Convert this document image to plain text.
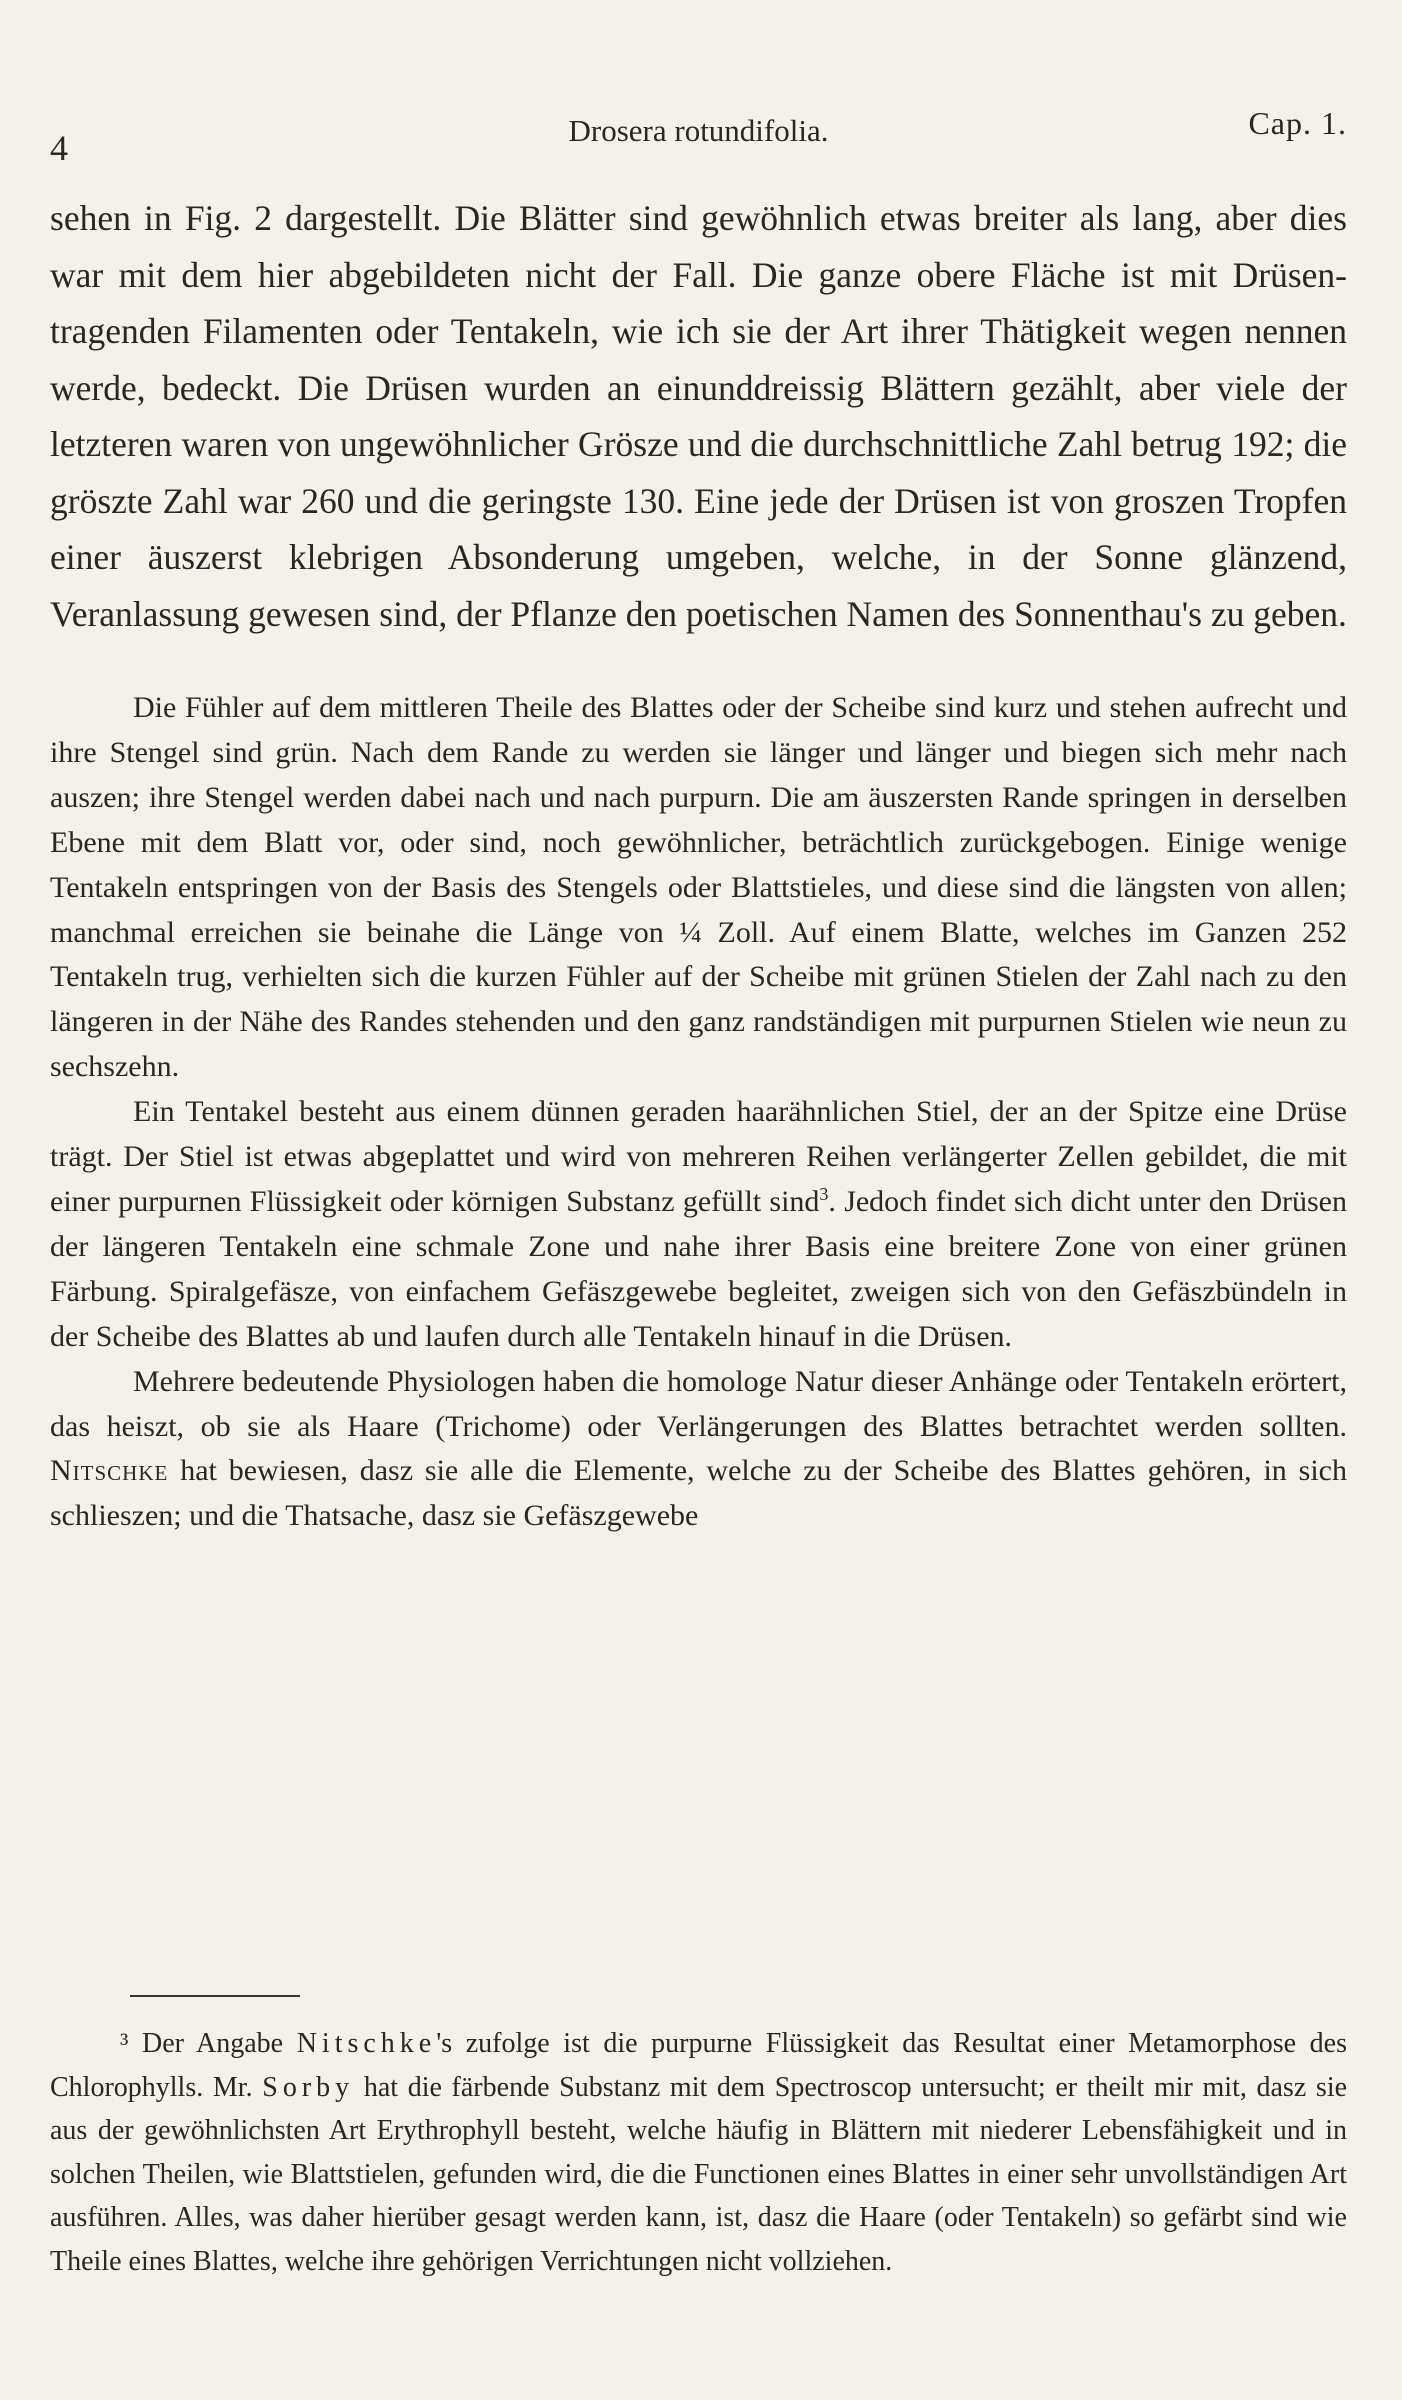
4	Drosera rotundifolia.	Cap. 1.

sehen in Fig. 2 dargestellt. Die Blätter sind gewöhnlich etwas breiter als lang, aber dies war mit dem hier abgebildeten nicht der Fall. Die ganze obere Fläche ist mit Drüsen-tragenden Filamenten oder Tentakeln, wie ich sie der Art ihrer Thätigkeit wegen nennen werde, bedeckt. Die Drüsen wurden an einunddreissig Blättern gezählt, aber viele der letzteren waren von ungewöhnlicher Grösze und die durchschnittliche Zahl betrug 192; die gröszte Zahl war 260 und die geringste 130. Eine jede der Drüsen ist von groszen Tropfen einer äuszerst klebrigen Absonderung umgeben, welche, in der Sonne glänzend, Veranlassung gewesen sind, der Pflanze den poetischen Namen des Sonnenthau's zu geben.

Die Fühler auf dem mittleren Theile des Blattes oder der Scheibe sind kurz und stehen aufrecht und ihre Stengel sind grün. Nach dem Rande zu werden sie länger und länger und biegen sich mehr nach auszen; ihre Stengel werden dabei nach und nach purpurn. Die am äuszersten Rande springen in derselben Ebene mit dem Blatt vor, oder sind, noch gewöhnlicher, beträchtlich zurückgebogen. Einige wenige Tentakeln entspringen von der Basis des Stengels oder Blattstieles, und diese sind die längsten von allen; manchmal erreichen sie beinahe die Länge von ¼ Zoll. Auf einem Blatte, welches im Ganzen 252 Tentakeln trug, verhielten sich die kurzen Fühler auf der Scheibe mit grünen Stielen der Zahl nach zu den längeren in der Nähe des Randes stehenden und den ganz randständigen mit purpurnen Stielen wie neun zu sechszehn.

Ein Tentakel besteht aus einem dünnen geraden haarähnlichen Stiel, der an der Spitze eine Drüse trägt. Der Stiel ist etwas abgeplattet und wird von mehreren Reihen verlängerter Zellen gebildet, die mit einer purpurnen Flüssigkeit oder körnigen Substanz gefüllt sind$^3$. Jedoch findet sich dicht unter den Drüsen der längeren Tentakeln eine schmale Zone und nahe ihrer Basis eine breitere Zone von einer grünen Färbung. Spiralgefäsze, von einfachem Gefäszgewebe begleitet, zweigen sich von den Gefäszbündeln in der Scheibe des Blattes ab und laufen durch alle Tentakeln hinauf in die Drüsen.

Mehrere bedeutende Physiologen haben die homologe Natur dieser Anhänge oder Tentakeln erörtert, das heiszt, ob sie als Haare (Trichome) oder Verlängerungen des Blattes betrachtet werden sollten. Nitschke hat bewiesen, dasz sie alle die Elemente, welche zu der Scheibe des Blattes gehören, in sich schlieszen; und die Thatsache, dasz sie Gefäszgewebe

³ Der Angabe Nitschke's zufolge ist die purpurne Flüssigkeit das Resultat einer Metamorphose des Chlorophylls. Mr. Sorby hat die färbende Substanz mit dem Spectroscop untersucht; er theilt mir mit, dasz sie aus der gewöhnlichsten Art Erythrophyll besteht, welche häufig in Blättern mit niederer Lebensfähigkeit und in solchen Theilen, wie Blattstielen, gefunden wird, die die Functionen eines Blattes in einer sehr unvollständigen Art ausführen. Alles, was daher hierüber gesagt werden kann, ist, dasz die Haare (oder Tentakeln) so gefärbt sind wie Theile eines Blattes, welche ihre gehörigen Verrichtungen nicht vollziehen.
